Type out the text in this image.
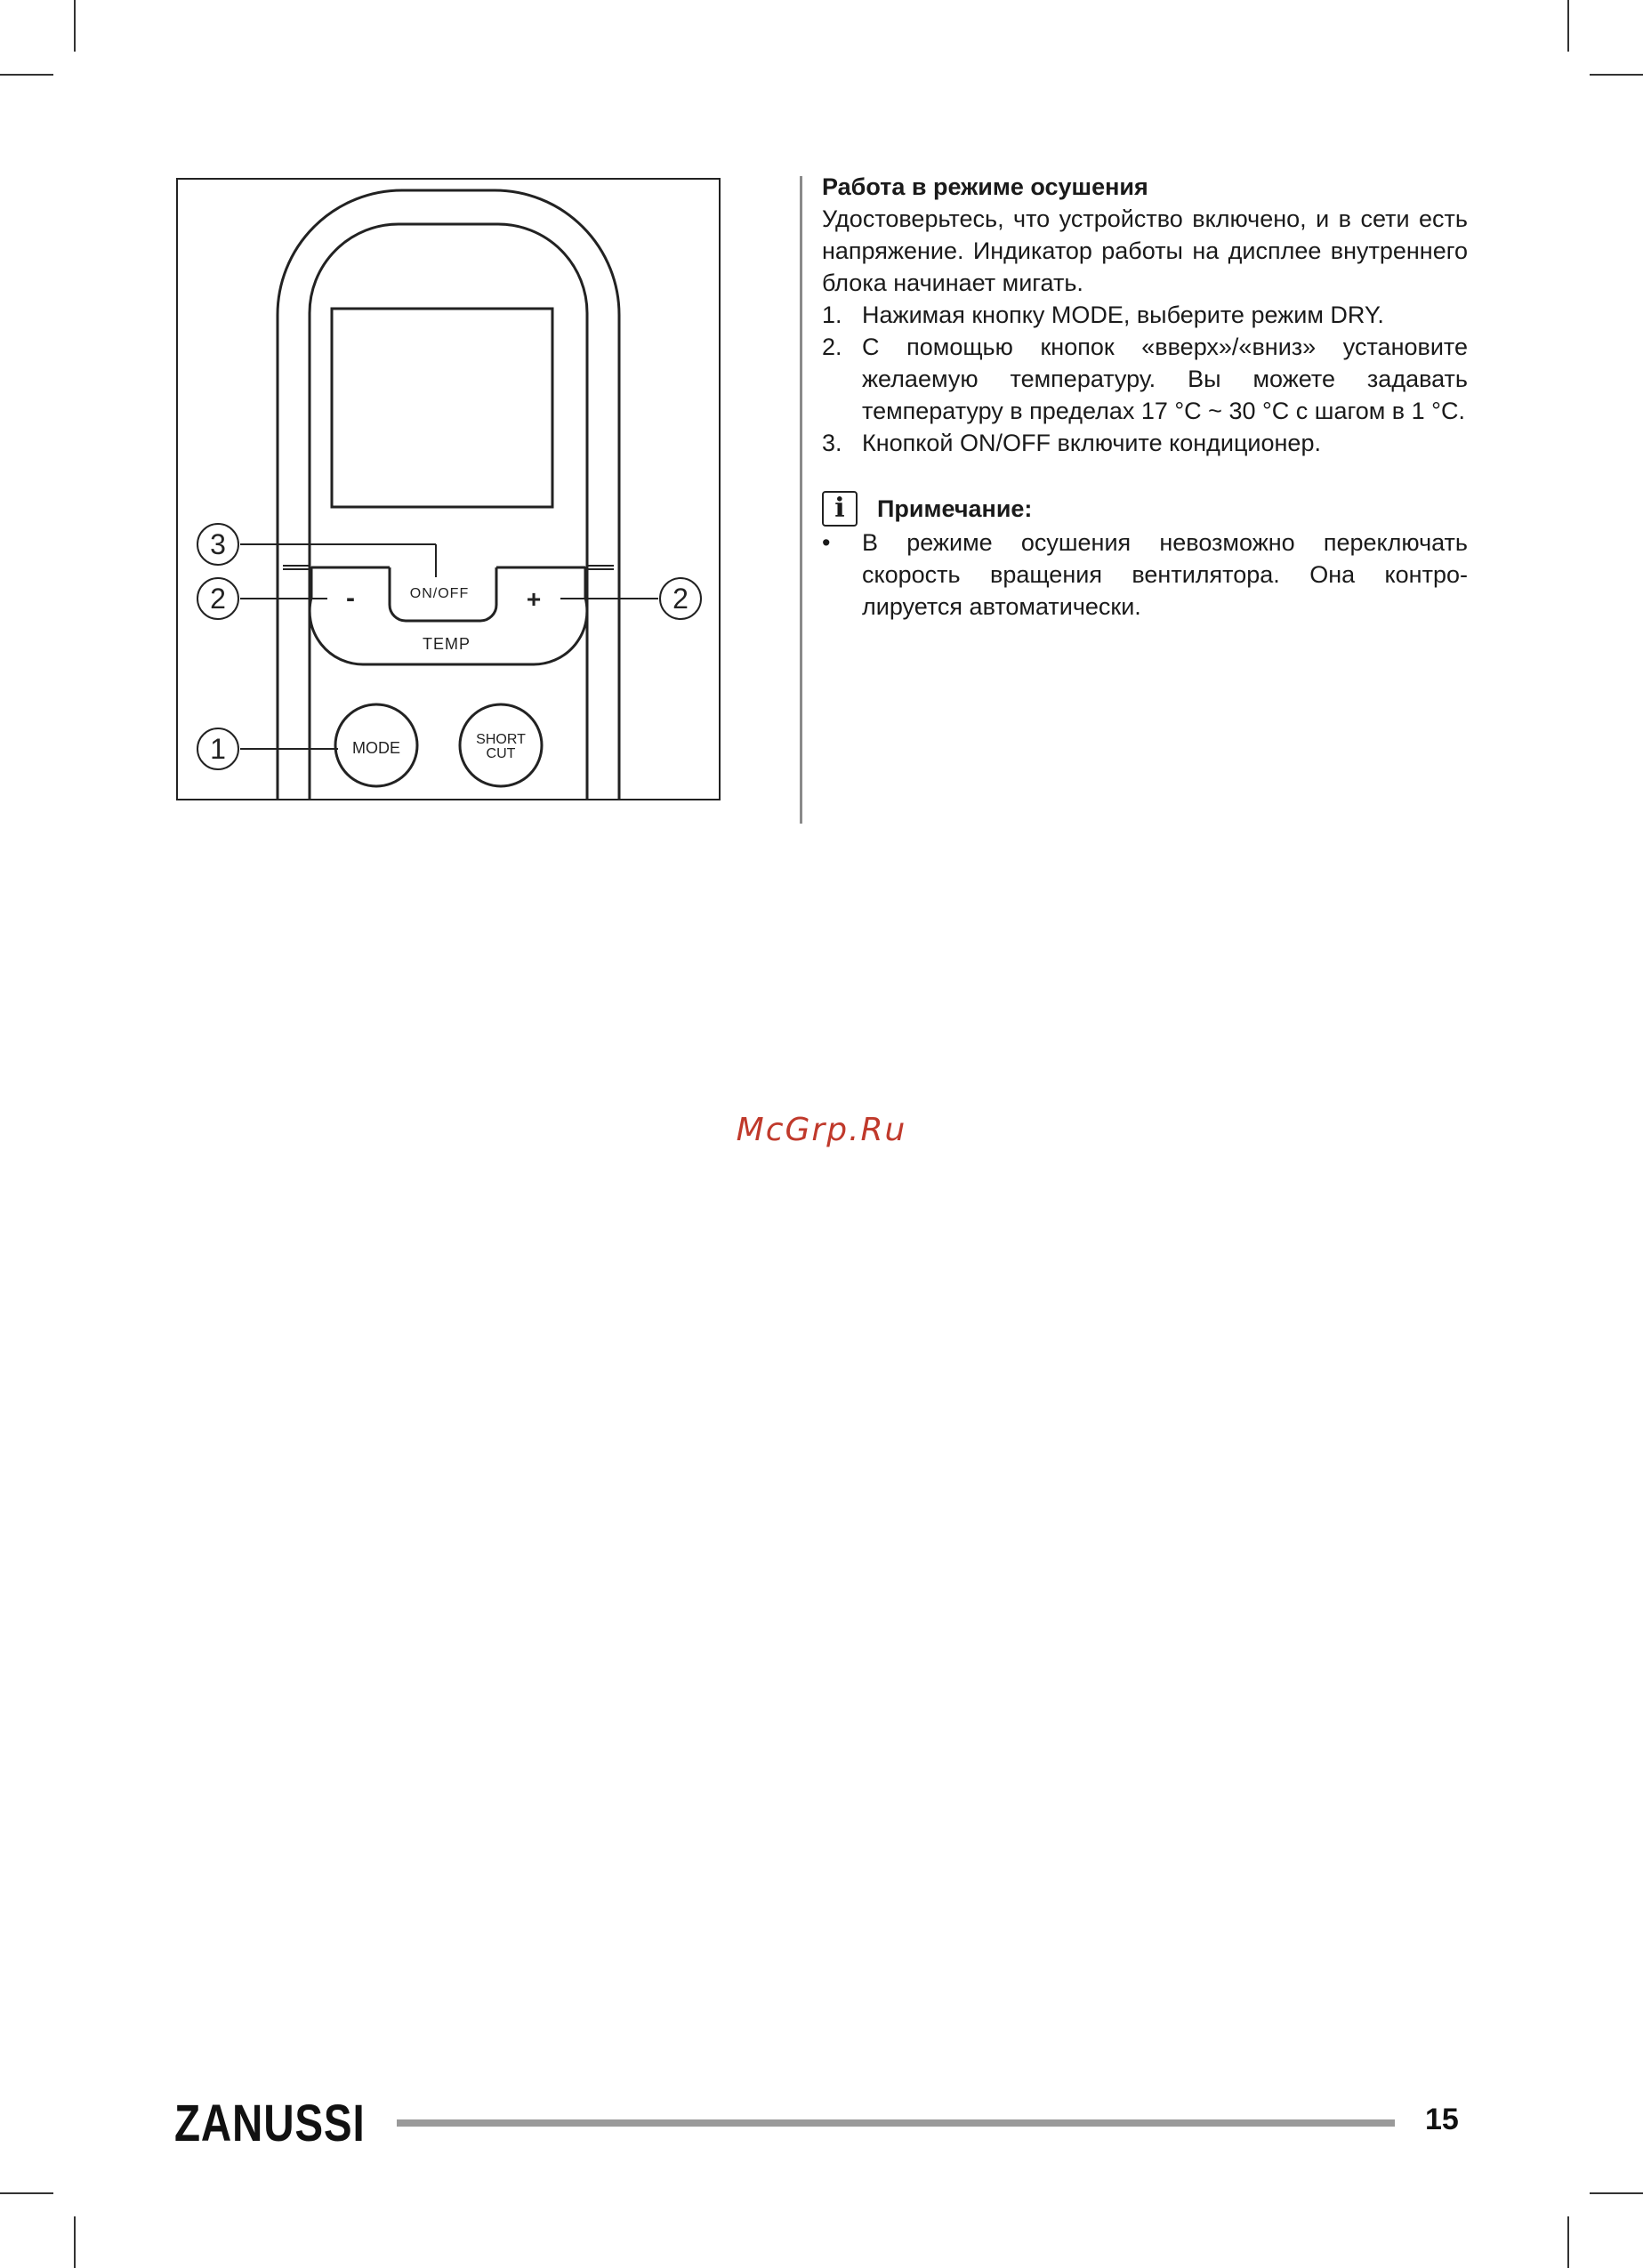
3
2	2
1
ON/OFF
-	+
TEMP
MODE	SHORT
CUT
Работа в режиме осушения
Удостоверьтесь, что устройство включено, и в сети есть напряжение. Индикатор работы на дисплее внутреннего блока начинает мигать.
1. Нажимая кнопку MODE, выберите режим DRY.
2. С помощью кнопок «вверх»/«вниз» установите желаемую температуру. Вы можете задавать температуру в пределах 17 °C ~ 30 °C с шагом в 1 °C.
3. Кнопкой ON/OFF включите кондиционер.
i	Примечание:
• В режиме осушения невозможно переключать скорость вращения вентилятора. Она контро-лируется автоматически.
McGrp.Ru
ZANUSSI	15
